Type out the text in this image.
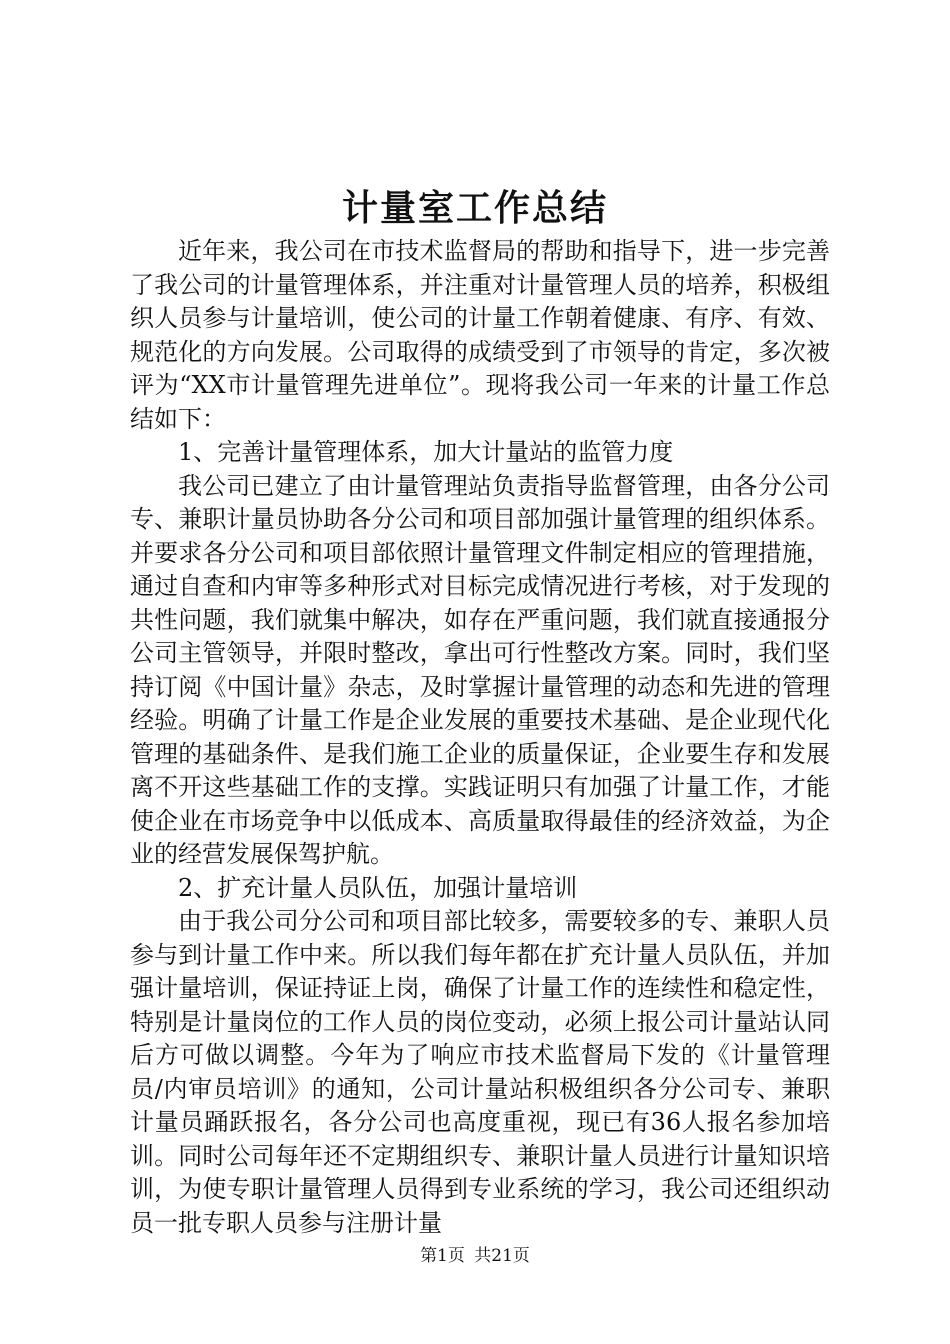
计量室工作总结

近年来，我公司在市技术监督局的帮助和指导下，进一步完善了我公司的计量管理体系，并注重对计量管理人员的培养，积极组织人员参与计量培训，使公司的计量工作朝着健康、有序、有效、规范化的方向发展。公司取得的成绩受到了市领导的肯定，多次被评为“XX市计量管理先进单位”。现将我公司一年来的计量工作总结如下：

1、完善计量管理体系，加大计量站的监管力度

我公司已建立了由计量管理站负责指导监督管理，由各分公司专、兼职计量员协助各分公司和项目部加强计量管理的组织体系。并要求各分公司和项目部依照计量管理文件制定相应的管理措施，通过自查和内审等多种形式对目标完成情况进行考核，对于发现的共性问题，我们就集中解决，如存在严重问题，我们就直接通报分公司主管领导，并限时整改，拿出可行性整改方案。同时，我们坚持订阅《中国计量》杂志，及时掌握计量管理的动态和先进的管理经验。明确了计量工作是企业发展的重要技术基础、是企业现代化管理的基础条件、是我们施工企业的质量保证，企业要生存和发展离不开这些基础工作的支撑。实践证明只有加强了计量工作，才能使企业在市场竞争中以低成本、高质量取得最佳的经济效益，为企业的经营发展保驾护航。

2、扩充计量人员队伍，加强计量培训

由于我公司分公司和项目部比较多，需要较多的专、兼职人员参与到计量工作中来。所以我们每年都在扩充计量人员队伍，并加强计量培训，保证持证上岗，确保了计量工作的连续性和稳定性，特别是计量岗位的工作人员的岗位变动，必须上报公司计量站认同后方可做以调整。今年为了响应市技术监督局下发的《计量管理员/内审员培训》的通知，公司计量站积极组织各分公司专、兼职计量员踊跃报名，各分公司也高度重视，现已有36人报名参加培训。同时公司每年还不定期组织专、兼职计量人员进行计量知识培训，为使专职计量管理人员得到专业系统的学习，我公司还组织动员一批专职人员参与注册计量

第1页 共21页
